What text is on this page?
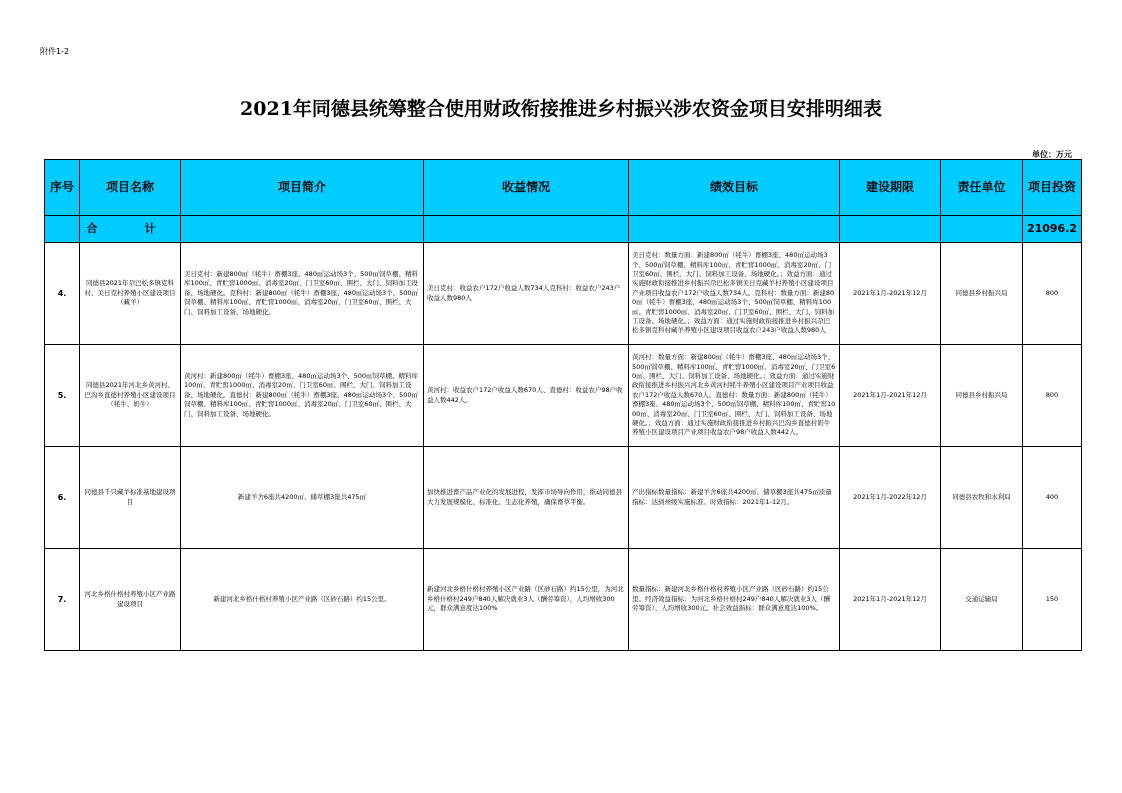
附件1-2
2021年同德县统筹整合使用财政衔接推进乡村振兴涉农资金项目安排明细表
单位：万元
序号	项目名称	项目简介	收益情况	绩效目标	建设期限	责任单位	项目投资
	合　计						21096.2
4.	同德县2021年尕巴松多镇克科村、美日克村养殖小区建设项目（藏羊）	美日克村：新建800㎡（牦牛）畜棚3座、480㎡运动场3个、500㎡饲草棚、精料库100㎡、青贮窖1000㎡、消毒室20㎡、门卫室60㎡、围栏、大门、饲料加工设备、场地硬化。克科村：新建800㎡（牦牛）畜棚3座、480㎡运动场3个、500㎡饲草棚、精料库100㎡、青贮窖1000㎡、消毒室20㎡、门卫室60㎡、围栏、大门、饲料加工设备、场地硬化。	美日克村：收益农户172户收益人数734人克科村：收益农户243户收益人数980人	美日克村：数量方面：新建800㎡（牦牛）畜棚3座、480㎡运动场3个、500㎡饲草棚、精料库100㎡、青贮窖1000㎡、消毒室20㎡、门卫室60㎡、围栏、大门、饲料加工设备、场地硬化。；效益方面：通过实施财政衔接推进乡村振兴尕巴松多镇美日克藏羊村养殖小区建设项目产业项目收益农户172户收益人数734人。克科村：数量方面：新建800㎡（牦牛）畜棚3座、480㎡运动场3个、500㎡饲草棚、精料库100㎡、青贮窖1000㎡、消毒室20㎡、门卫室60㎡、围栏、大门、饲料加工设备、场地硬化。；效益方面：通过实施财政衔接推进乡村振兴尕巴松多镇克科村藏羊养殖小区建设项目收益农户243户收益人数980人	2021年1月-2021年12月	同德县乡村振兴局	800
5.	同德县2021年河北乡黄河村、巴沟乡直德村养殖小区建设项目（牦牛、奶牛）	黄河村：新建800㎡（牦牛）畜棚3座、480㎡运动场3个、500㎡饲草棚、精料库100㎡、青贮窖1000㎡、消毒室20㎡、门卫室60㎡、围栏、大门、饲料加工设备、场地硬化。直德村：新建800㎡（牦牛）畜棚3座、480㎡运动场3个、500㎡饲草棚、精料库100㎡、青贮窖1000㎡、消毒室20㎡、门卫室60㎡、围栏、大门、饲料加工设备、场地硬化。	黄河村：收益农户172户收益人数670人、直德村：收益农户98户收益人数442人。	黄河村：数量方面：新建800㎡（牦牛）畜棚3座、480㎡运动场3个、500㎡饲草棚、精料库100㎡、青贮窖1000㎡、消毒室20㎡、门卫室60㎡、围栏、大门、饲料加工设备、场地硬化。；效益方面：通过实施财政衔接推进乡村振兴河北乡黄河村牦牛养殖小区建设项目产业项目收益农户172户收益人数670人。直德村：数量方面：新建800㎡（牦牛）畜棚3座、480㎡运动场3个、500㎡饲草棚、精料库100㎡、青贮窖1000㎡、消毒室20㎡、门卫室60㎡、围栏、大门、饲料加工设备、场地硬化。；效益方面：通过实施财政衔接推进乡村振兴巴沟乡直德村奶牛养殖小区建设项目产业项目收益农户98户收益人数442人。	2021年1月-2021年12月	同德县乡村振兴局	800
6.	同德县千只藏羊标准基地建设项目	新建羊舍6座共4200㎡、储草棚3座共475㎡	加快推进畜产品产业化的发展进程，发挥市场导向作用，推动同德县大力发展规模化、标准化、生态化养殖，确保畜草平衡。	产出指标数量指标：新建羊舍6座共4200㎡、储草棚3座共475㎡质量指标：达到州级实施标准。时效指标：2021年1-12月。	2021年1月-2022年12月	同德县农牧和水利局	400
7.	河北乡格什格村养殖小区产业路建设项目	新建河北乡格什格村养殖小区产业路（区砂石路）约15公里。	新建河北乡格什格村养殖小区产业路（区砂石路）约15公里，为河北乡格什格村249户840人解决就业3人（酬劳筹资），人均增收300元，群众满意度达100%	数量指标：新建河北乡格什格村养殖小区产业路（区砂石路）约15公里。经济效益指标：为河北乡格什格村249户840人解决就业3人（酬劳筹资）、人均增收300元。社会效益指标：群众满意度达100%。	2021年1月-2021年12月	交通运输局	150
